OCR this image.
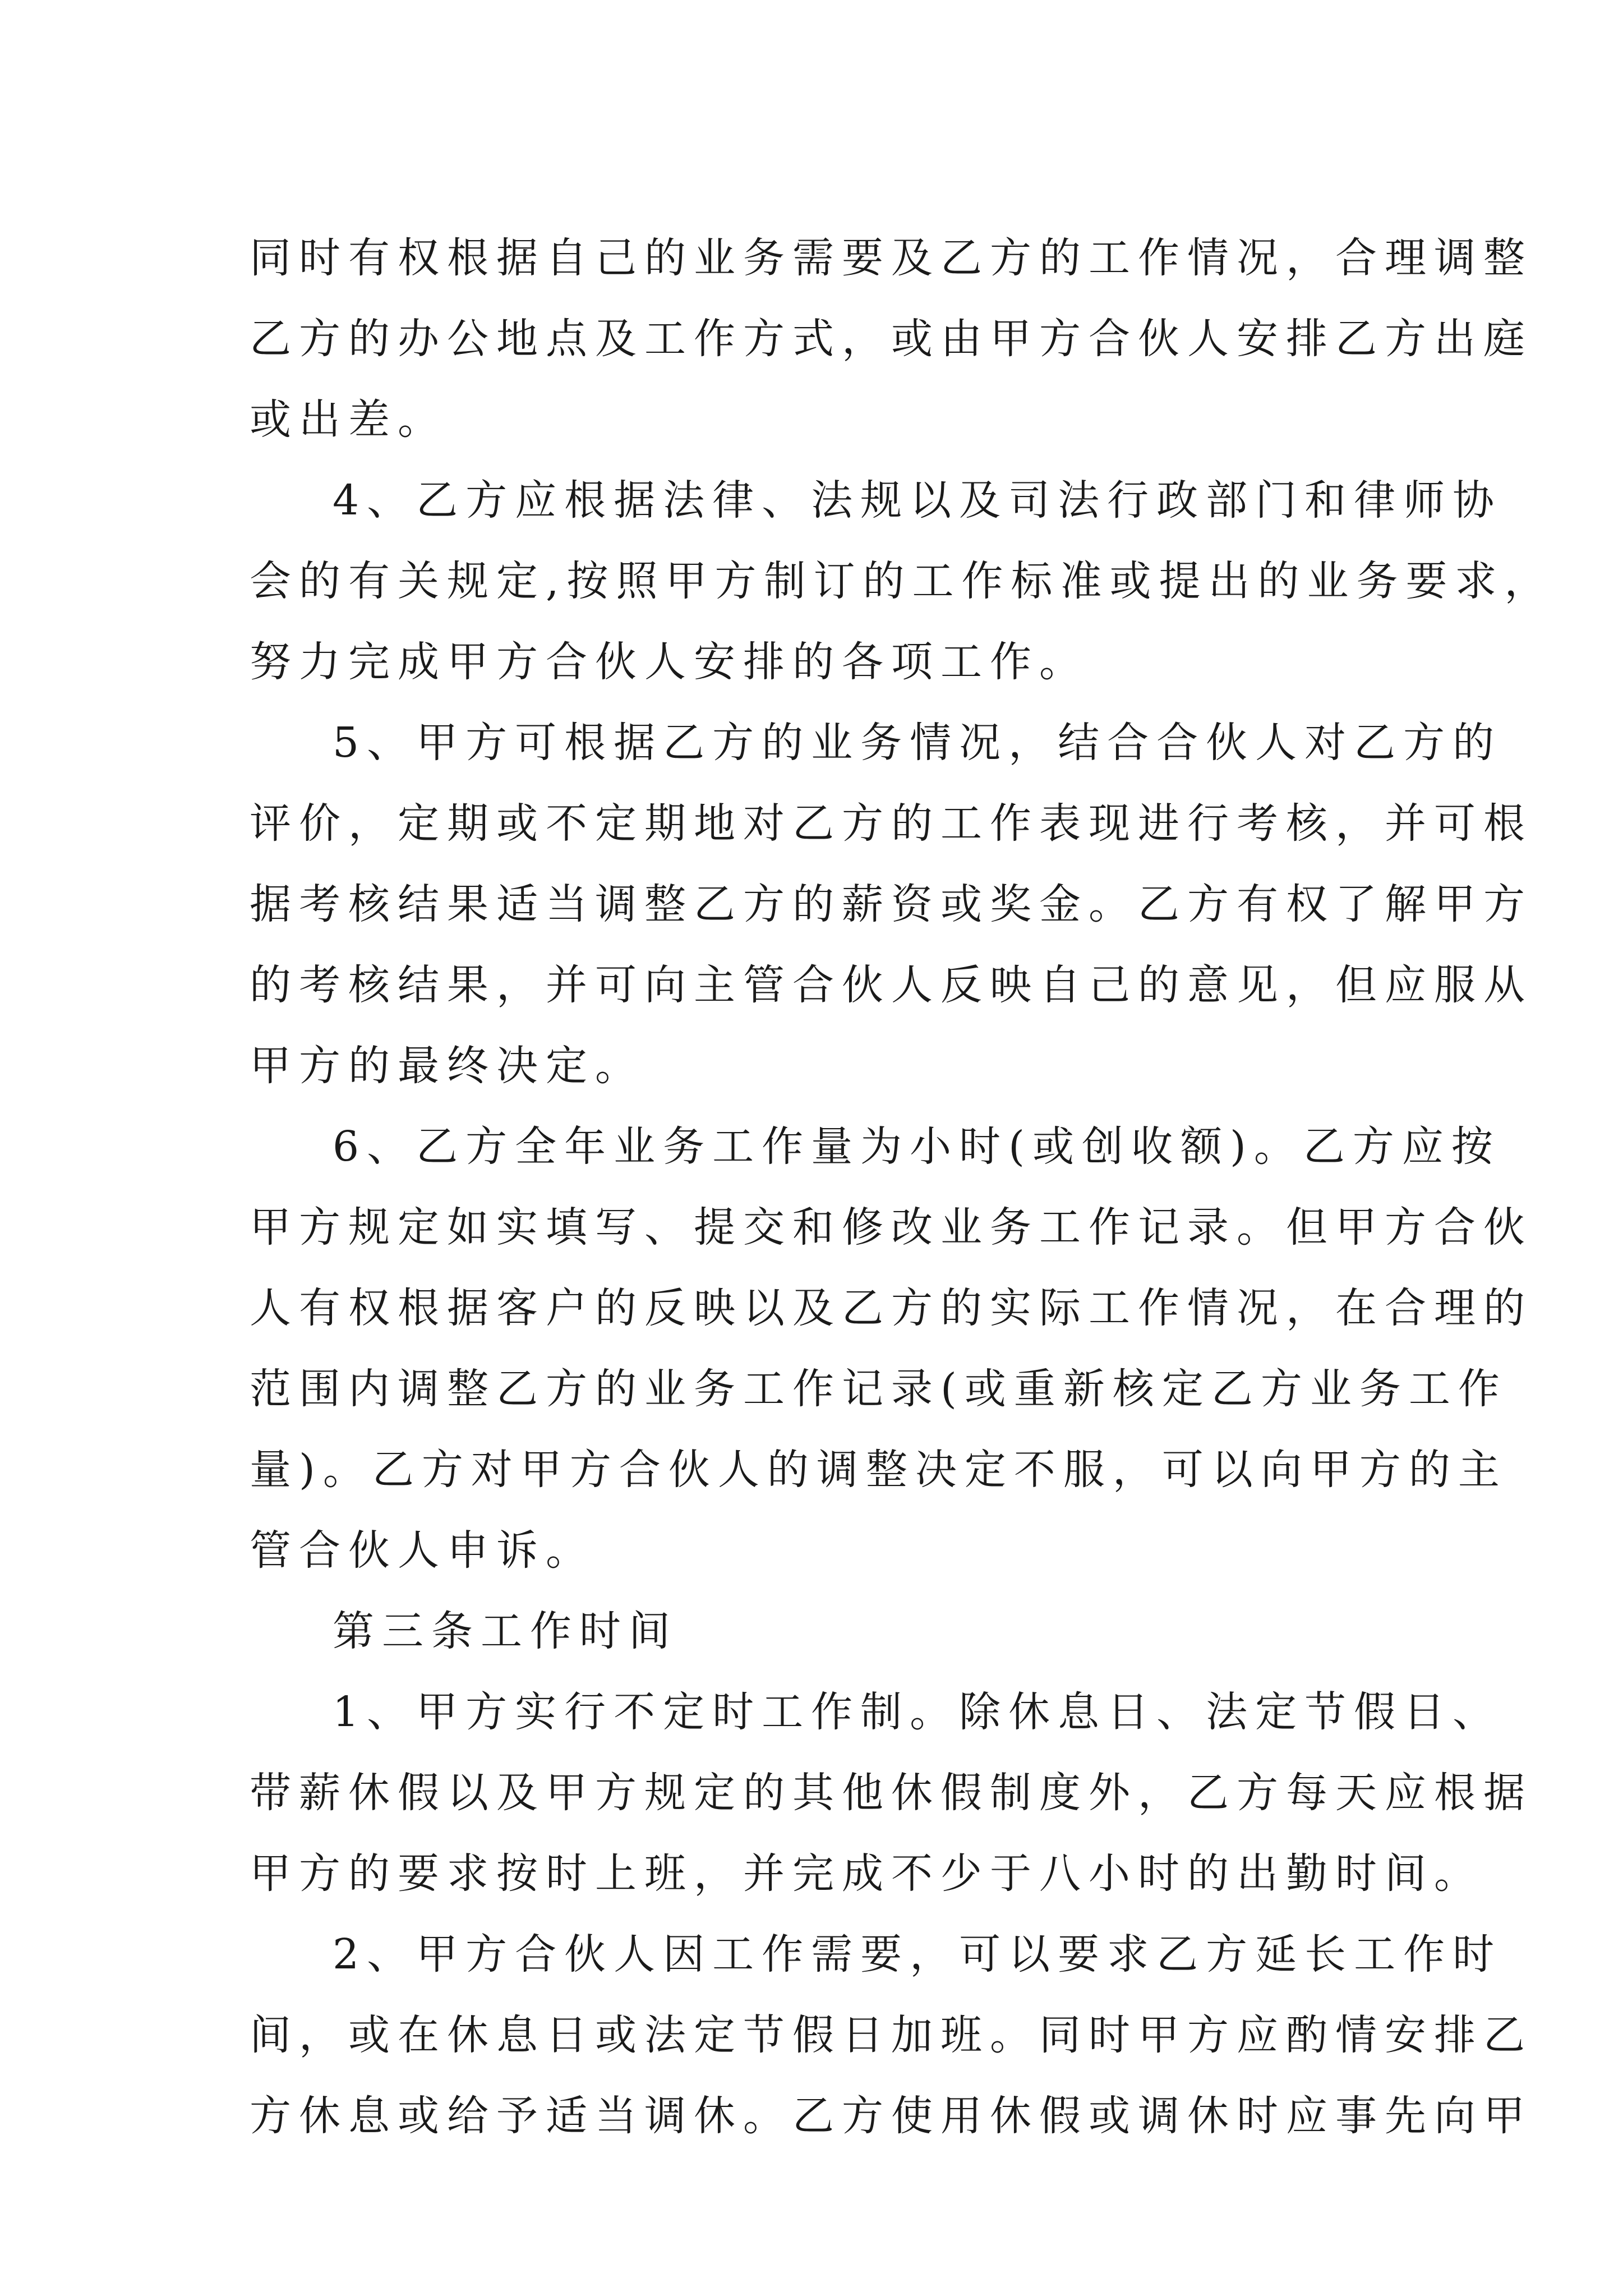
同时有权根据自己的业务需要及乙方的工作情况，合理调整
乙方的办公地点及工作方式，或由甲方合伙人安排乙方出庭
或出差。
4、乙方应根据法律、法规以及司法行政部门和律师协
会的有关规定,按照甲方制订的工作标准或提出的业务要求，
努力完成甲方合伙人安排的各项工作。
5、甲方可根据乙方的业务情况，结合合伙人对乙方的
评价，定期或不定期地对乙方的工作表现进行考核，并可根
据考核结果适当调整乙方的薪资或奖金。乙方有权了解甲方
的考核结果，并可向主管合伙人反映自己的意见，但应服从
甲方的最终决定。
6、乙方全年业务工作量为小时(或创收额)。乙方应按
甲方规定如实填写、提交和修改业务工作记录。但甲方合伙
人有权根据客户的反映以及乙方的实际工作情况，在合理的
范围内调整乙方的业务工作记录(或重新核定乙方业务工作
量)。乙方对甲方合伙人的调整决定不服，可以向甲方的主
管合伙人申诉。
第三条工作时间
1、甲方实行不定时工作制。除休息日、法定节假日、
带薪休假以及甲方规定的其他休假制度外，乙方每天应根据
甲方的要求按时上班，并完成不少于八小时的出勤时间。
2、甲方合伙人因工作需要，可以要求乙方延长工作时
间，或在休息日或法定节假日加班。同时甲方应酌情安排乙
方休息或给予适当调休。乙方使用休假或调休时应事先向甲
